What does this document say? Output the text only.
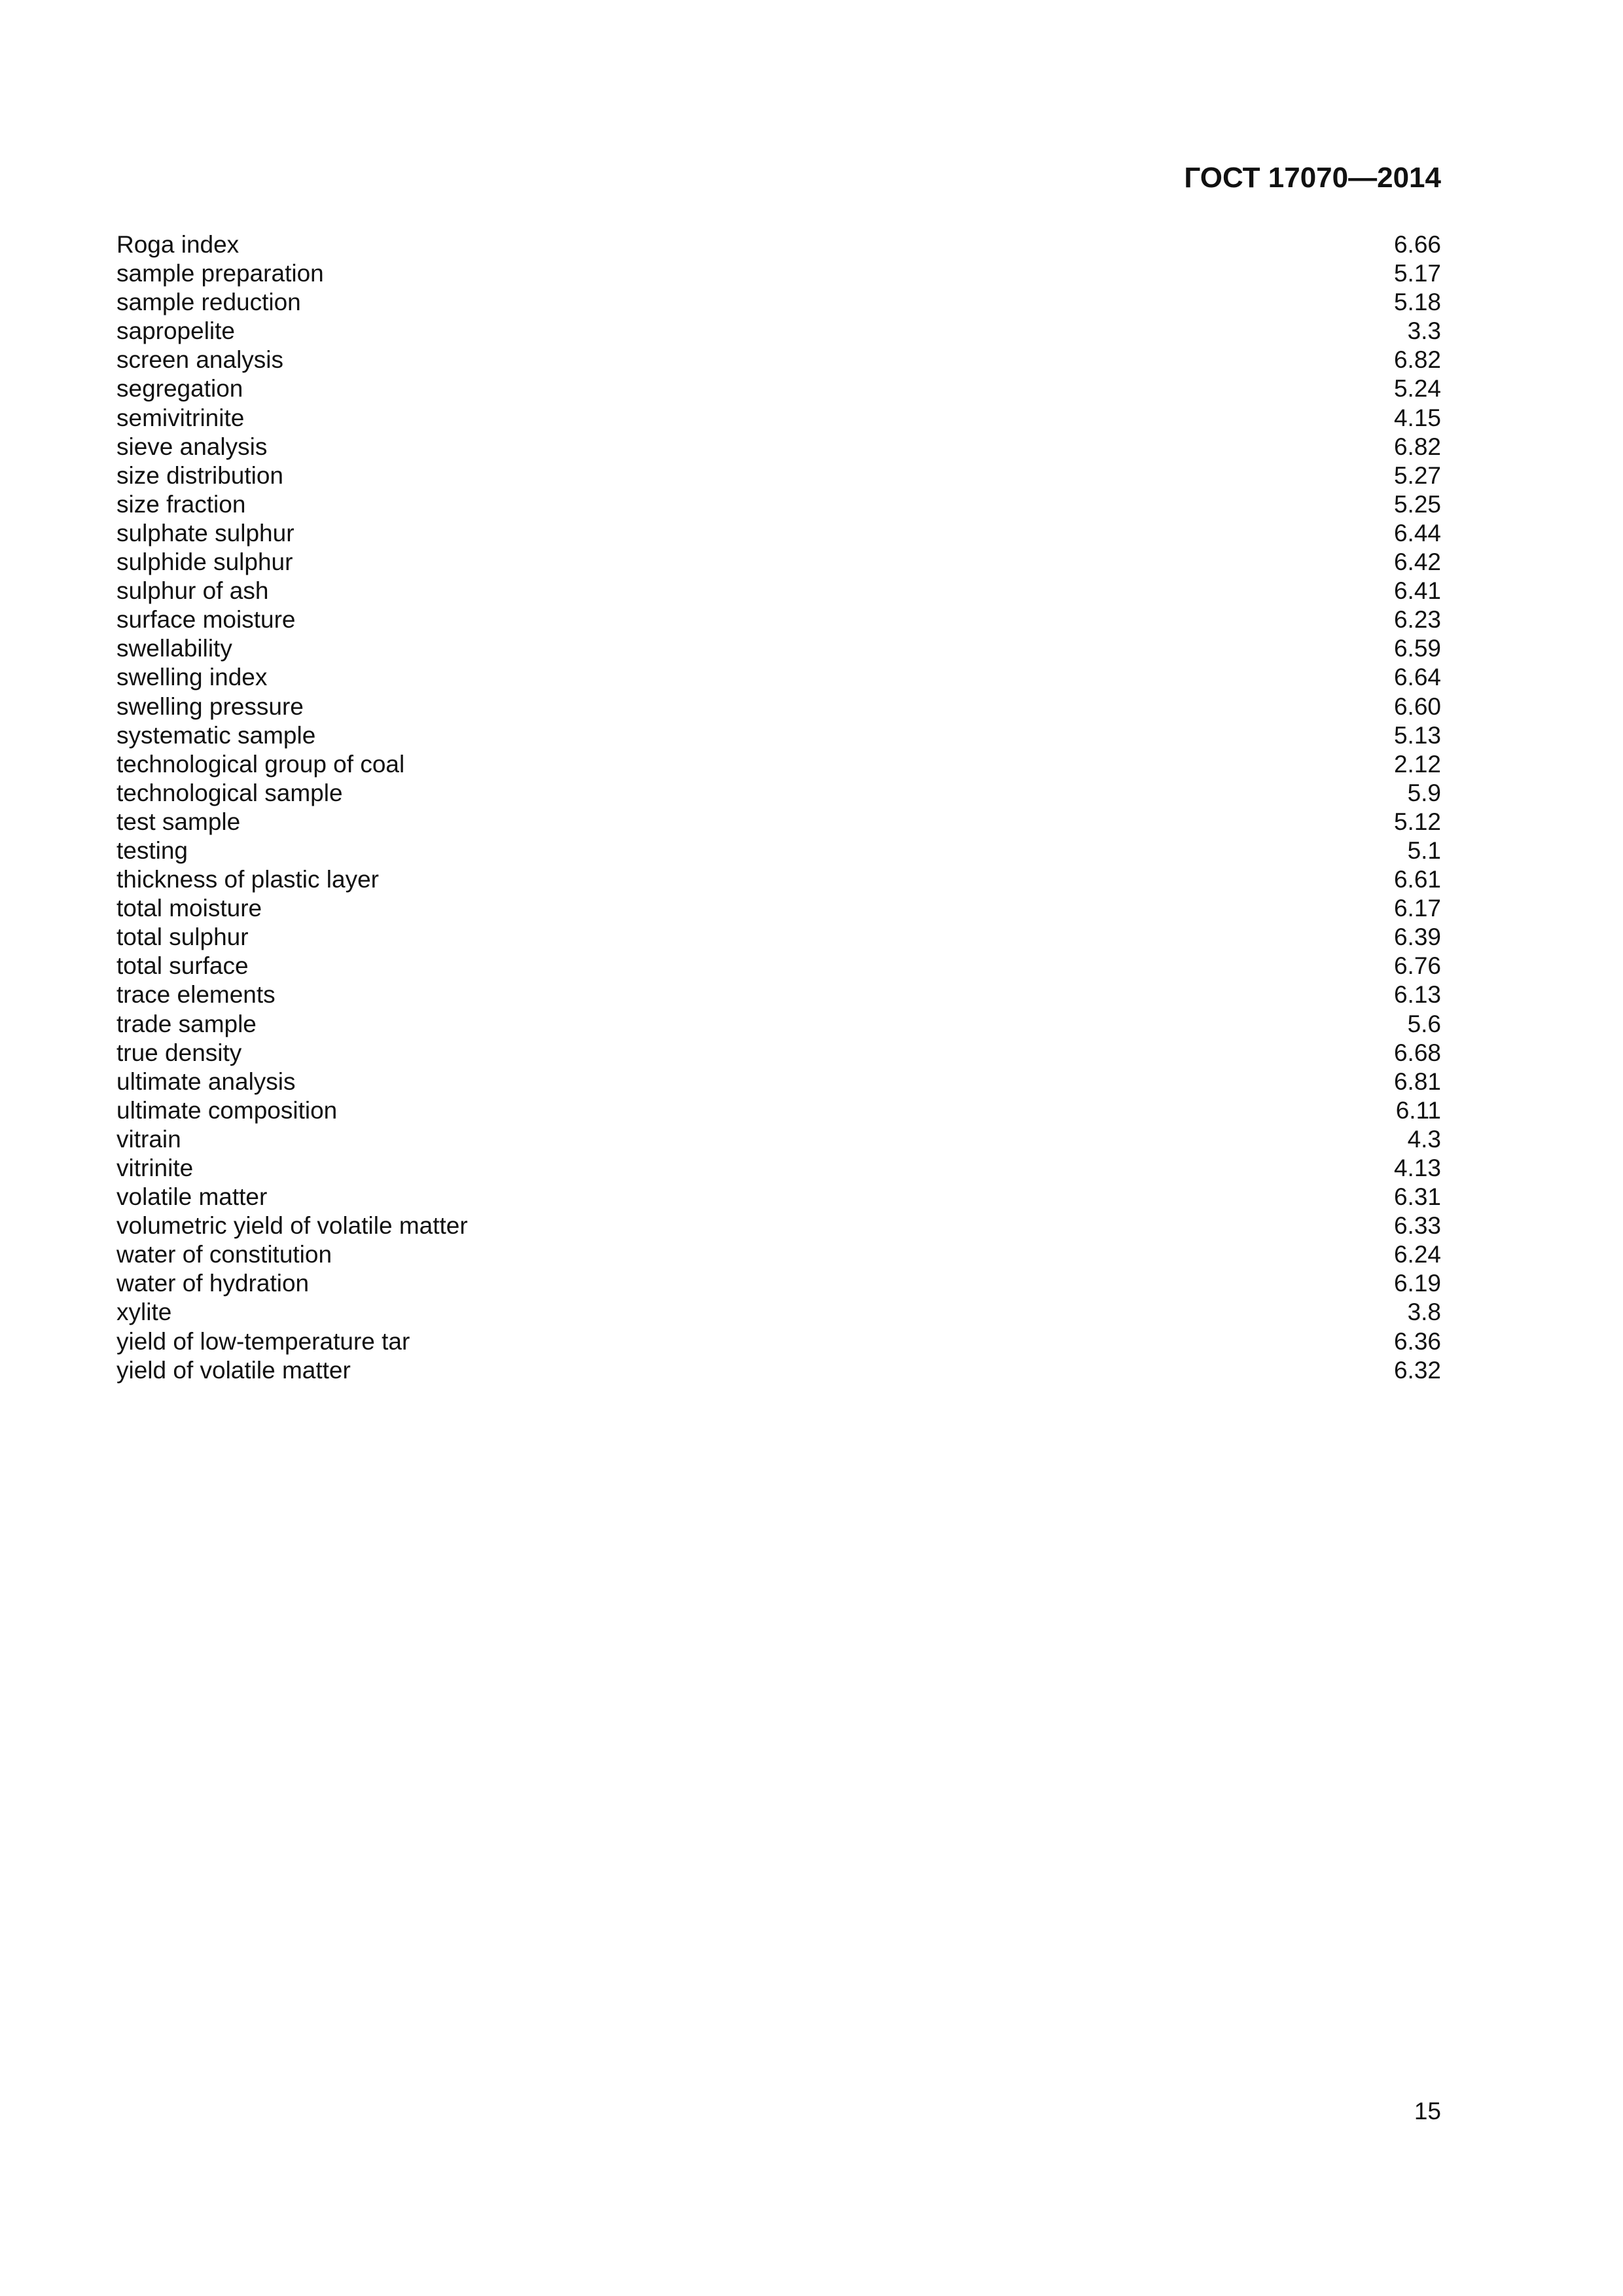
ГОСТ 17070—2014
Roga index	6.66
sample preparation	5.17
sample reduction	5.18
sapropelite	3.3
screen analysis	6.82
segregation	5.24
semivitrinite	4.15
sieve analysis	6.82
size distribution	5.27
size fraction	5.25
sulphate sulphur	6.44
sulphide sulphur	6.42
sulphur of ash	6.41
surface moisture	6.23
swellability	6.59
swelling index	6.64
swelling pressure	6.60
systematic sample	5.13
technological group of coal	2.12
technological sample	5.9
test sample	5.12
testing	5.1
thickness of plastic layer	6.61
total moisture	6.17
total sulphur	6.39
total surface	6.76
trace elements	6.13
trade sample	5.6
true density	6.68
ultimate analysis	6.81
ultimate composition	6.11
vitrain	4.3
vitrinite	4.13
volatile matter	6.31
volumetric yield of volatile matter	6.33
water of constitution	6.24
water of hydration	6.19
xylite	3.8
yield of low-temperature tar	6.36
yield of volatile matter	6.32
15
